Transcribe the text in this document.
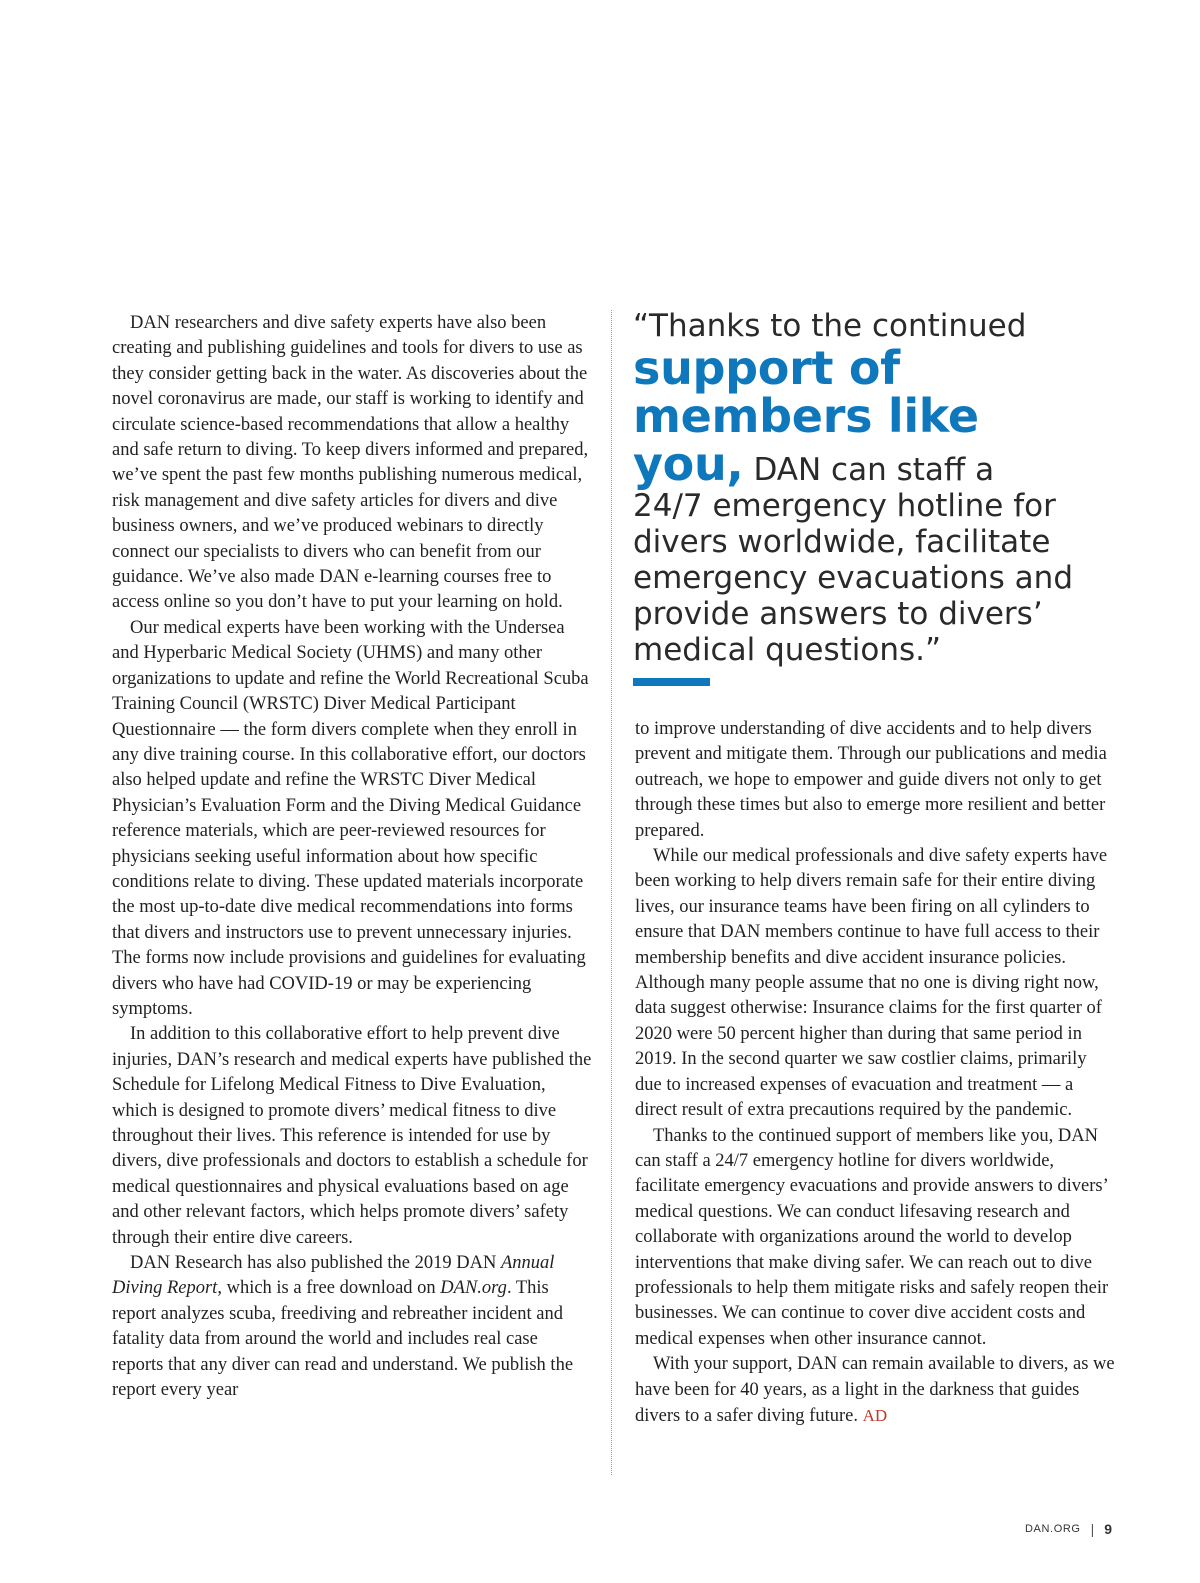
DAN researchers and dive safety experts have also been creating and publishing guidelines and tools for divers to use as they consider getting back in the water. As discoveries about the novel coronavirus are made, our staff is working to identify and circulate science-based recommendations that allow a healthy and safe return to diving. To keep divers informed and prepared, we’ve spent the past few months publishing numerous medical, risk management and dive safety articles for divers and dive business owners, and we’ve produced webinars to directly connect our specialists to divers who can benefit from our guidance. We’ve also made DAN e-learning courses free to access online so you don’t have to put your learning on hold.

Our medical experts have been working with the Undersea and Hyperbaric Medical Society (UHMS) and many other organizations to update and refine the World Recreational Scuba Training Council (WRSTC) Diver Medical Participant Questionnaire — the form divers complete when they enroll in any dive training course. In this collaborative effort, our doctors also helped update and refine the WRSTC Diver Medical Physician’s Evaluation Form and the Diving Medical Guidance reference materials, which are peer-reviewed resources for physicians seeking useful information about how specific conditions relate to diving. These updated materials incorporate the most up-to-date dive medical recommendations into forms that divers and instructors use to prevent unnecessary injuries. The forms now include provisions and guidelines for evaluating divers who have had COVID-19 or may be experiencing symptoms.

In addition to this collaborative effort to help prevent dive injuries, DAN’s research and medical experts have published the Schedule for Lifelong Medical Fitness to Dive Evaluation, which is designed to promote divers’ medical fitness to dive throughout their lives. This reference is intended for use by divers, dive professionals and doctors to establish a schedule for medical questionnaires and physical evaluations based on age and other relevant factors, which helps promote divers’ safety through their entire dive careers.

DAN Research has also published the 2019 DAN Annual Diving Report, which is a free download on DAN.org. This report analyzes scuba, freediving and rebreather incident and fatality data from around the world and includes real case reports that any diver can read and understand. We publish the report every year

“Thanks to the continued
support of
members like
you, DAN can staff a
24/7 emergency hotline for
divers worldwide, facilitate
emergency evacuations and
provide answers to divers’
medical questions.”

to improve understanding of dive accidents and to help divers prevent and mitigate them. Through our publications and media outreach, we hope to empower and guide divers not only to get through these times but also to emerge more resilient and better prepared.

While our medical professionals and dive safety experts have been working to help divers remain safe for their entire diving lives, our insurance teams have been firing on all cylinders to ensure that DAN members continue to have full access to their membership benefits and dive accident insurance policies. Although many people assume that no one is diving right now, data suggest otherwise: Insurance claims for the first quarter of 2020 were 50 percent higher than during that same period in 2019. In the second quarter we saw costlier claims, primarily due to increased expenses of evacuation and treatment — a direct result of extra precautions required by the pandemic.

Thanks to the continued support of members like you, DAN can staff a 24/7 emergency hotline for divers worldwide, facilitate emergency evacuations and provide answers to divers’ medical questions. We can conduct lifesaving research and collaborate with organizations around the world to develop interventions that make diving safer. We can reach out to dive professionals to help them mitigate risks and safely reopen their businesses. We can continue to cover dive accident costs and medical expenses when other insurance cannot.

With your support, DAN can remain available to divers, as we have been for 40 years, as a light in the darkness that guides divers to a safer diving future. AD

DAN.ORG | 9
